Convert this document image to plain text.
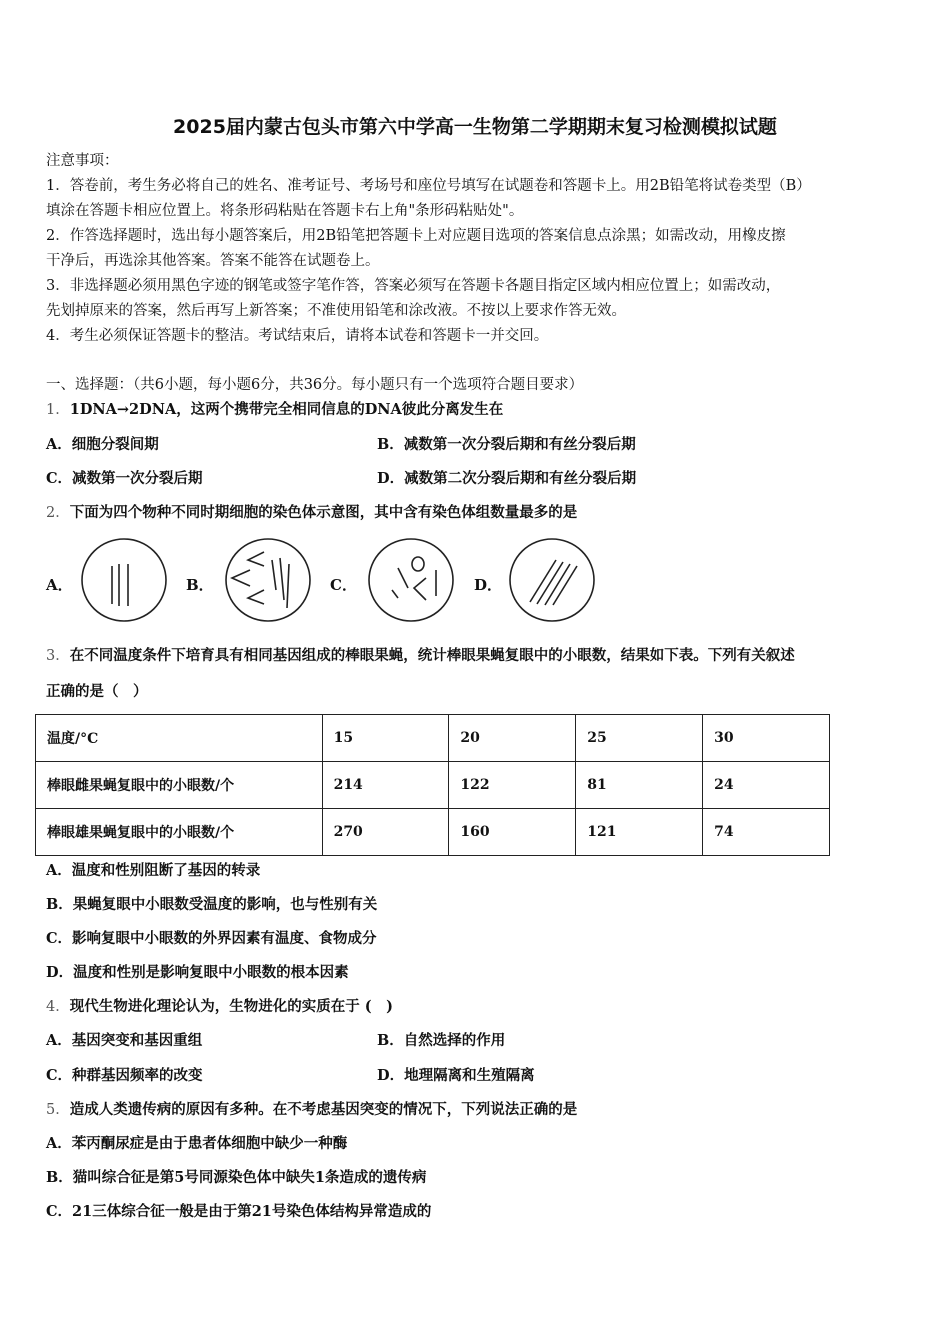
2025届内蒙古包头市第六中学高一生物第二学期期末复习检测模拟试题
注意事项：
1．答卷前，考生务必将自己的姓名、准考证号、考场号和座位号填写在试题卷和答题卡上。用2B铅笔将试卷类型（B）
填涂在答题卡相应位置上。将条形码粘贴在答题卡右上角"条形码粘贴处"。
2．作答选择题时，选出每小题答案后，用2B铅笔把答题卡上对应题目选项的答案信息点涂黑；如需改动，用橡皮擦
干净后，再选涂其他答案。答案不能答在试题卷上。
3．非选择题必须用黑色字迹的钢笔或签字笔作答，答案必须写在答题卡各题目指定区域内相应位置上；如需改动，
先划掉原来的答案，然后再写上新答案；不准使用铅笔和涂改液。不按以上要求作答无效。
4．考生必须保证答题卡的整洁。考试结束后，请将本试卷和答题卡一并交回。
一、选择题：（共6小题，每小题6分，共36分。每小题只有一个选项符合题目要求）
1．1DNA→2DNA，这两个携带完全相同信息的DNA彼此分离发生在
A．细胞分裂间期	B．减数第一次分裂后期和有丝分裂后期
C．减数第一次分裂后期	D．减数第二次分裂后期和有丝分裂后期
2．下面为四个物种不同时期细胞的染色体示意图，其中含有染色体组数量最多的是
A．	B．	C．	D．
3．在不同温度条件下培育具有相同基因组成的棒眼果蝇，统计棒眼果蝇复眼中的小眼数，结果如下表。下列有关叙述
正确的是（　）
温度/°C	15	20	25	30
棒眼雌果蝇复眼中的小眼数/个	214	122	81	24
棒眼雄果蝇复眼中的小眼数/个	270	160	121	74
A．温度和性别阻断了基因的转录
B．果蝇复眼中小眼数受温度的影响，也与性别有关
C．影响复眼中小眼数的外界因素有温度、食物成分
D．温度和性别是影响复眼中小眼数的根本因素
4．现代生物进化理论认为，生物进化的实质在于 (　)
A．基因突变和基因重组	B．自然选择的作用
C．种群基因频率的改变	D．地理隔离和生殖隔离
5．造成人类遗传病的原因有多种。在不考虑基因突变的情况下，下列说法正确的是
A．苯丙酮尿症是由于患者体细胞中缺少一种酶
B．猫叫综合征是第5号同源染色体中缺失1条造成的遗传病
C．21三体综合征一般是由于第21号染色体结构异常造成的
